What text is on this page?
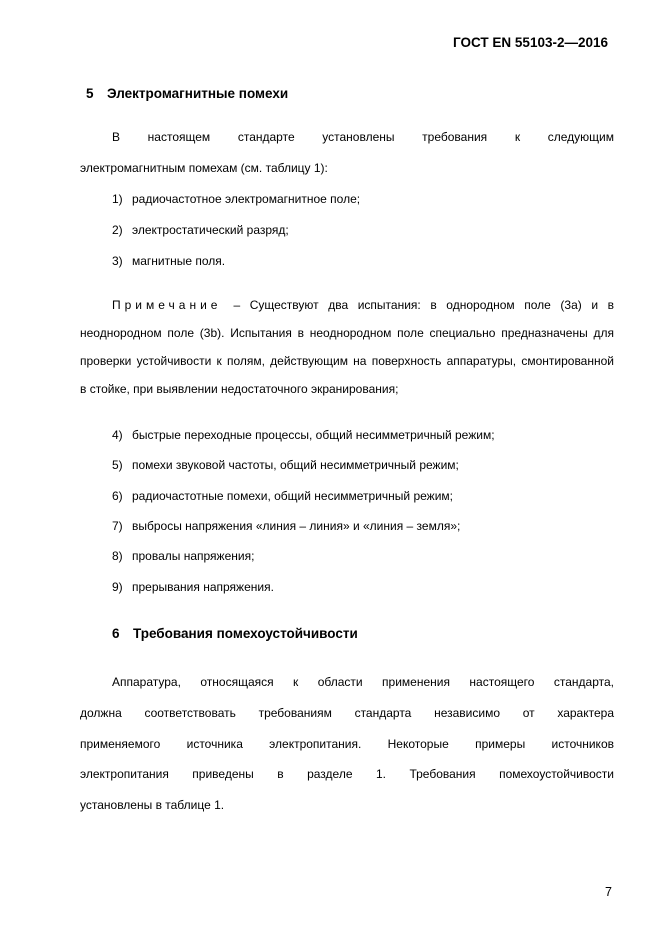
ГОСТ EN 55103-2—2016
5 Электромагнитные помехи
В настоящем стандарте установлены требования к следующим
электромагнитным помехам (см. таблицу 1):
1) радиочастотное электромагнитное поле;
2) электростатический разряд;
3) магнитные поля.
Примечание – Существуют два испытания: в однородном поле (3a) и в
неоднородном поле (3b). Испытания в неоднородном поле специально предназначены для
проверки устойчивости к полям, действующим на поверхность аппаратуры, смонтированной
в стойке, при выявлении недостаточного экранирования;
4) быстрые переходные процессы, общий несимметричный режим;
5) помехи звуковой частоты, общий несимметричный режим;
6) радиочастотные помехи, общий несимметричный режим;
7) выбросы напряжения «линия – линия» и «линия – земля»;
8) провалы напряжения;
9) прерывания напряжения.
6 Требования помехоустойчивости
Аппаратура, относящаяся к области применения настоящего стандарта,
должна соответствовать требованиям стандарта независимо от характера
применяемого источника электропитания. Некоторые примеры источников
электропитания приведены в разделе 1. Требования помехоустойчивости
установлены в таблице 1.
7
